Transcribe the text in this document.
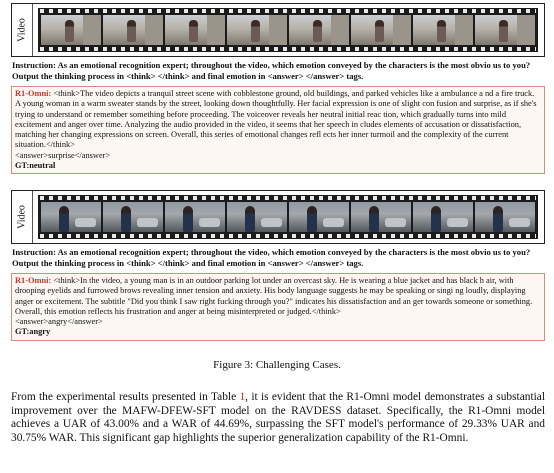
Video
Instruction: As an emotional recognition expert; throughout the video, which emotion conveyed by the characters is the most obvio us to you? Output the thinking process in <think> </think> and final emotion in <answer> </answer> tags.
R1-Omni: <think>The video depicts a tranquil street scene with cobblestone ground, old buildings, and parked vehicles like a ambulance a nd a fire truck. A young woman in a warm sweater stands by the street, looking down thoughtfully. Her facial expression is one of slight con fusion and surprise, as if she's trying to understand or remember something before proceeding. The voiceover reveals her neutral initial reac tion, which gradually turns into mild excitement and anger over time. Analyzing the audio provided in the video, it seems that her speech in cludes elements of accusation or dissatisfaction, matching her changing expressions on screen. Overall, this series of emotional changes refl ects her inner turmoil and the complexity of the current situation.</think>
<answer>surprise</answer>
GT:neutral
Video
Instruction: As an emotional recognition expert; throughout the video, which emotion conveyed by the characters is the most obvio us to you? Output the thinking process in <think> </think> and final emotion in <answer> </answer> tags.
R1-Omni: <think>In the video, a young man is in an outdoor parking lot under an overcast sky. He is wearing a blue jacket and has black h air, with drooping eyelids and furrowed brows revealing inner tension and anxiety. His body language suggests he may be speaking or singi ng loudly, displaying anger or excitement. The subtitle "Did you think I saw right fucking through you?" indicates his dissatisfaction and an ger towards someone or something. Overall, this emotion reflects his frustration and anger at being misinterpreted or judged.</think>
<answer>angry</answer>
GT:angry
Figure 3: Challenging Cases.
From the experimental results presented in Table 1, it is evident that the R1-Omni model demonstrates a substantial improvement over the MAFW-DFEW-SFT model on the RAVDESS dataset. Specifically, the R1-Omni model achieves a UAR of 43.00% and a WAR of 44.69%, surpassing the SFT model's performance of 29.33% UAR and 30.75% WAR. This significant gap highlights the superior generalization capability of the R1-Omni.
